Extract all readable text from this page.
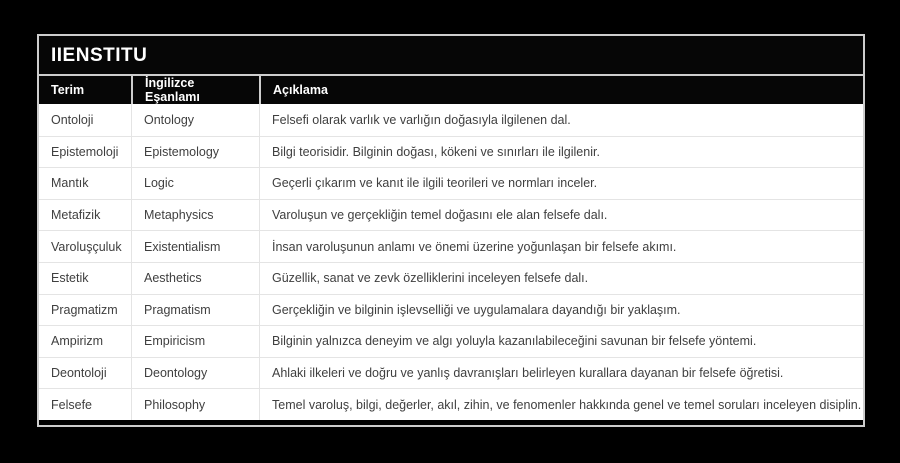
IIENSTITU
Terim	İngilizce Eşanlamı	Açıklama
Ontoloji	Ontology	Felsefi olarak varlık ve varlığın doğasıyla ilgilenen dal.
Epistemoloji	Epistemology	Bilgi teorisidir. Bilginin doğası, kökeni ve sınırları ile ilgilenir.
Mantık	Logic	Geçerli çıkarım ve kanıt ile ilgili teorileri ve normları inceler.
Metafizik	Metaphysics	Varoluşun ve gerçekliğin temel doğasını ele alan felsefe dalı.
Varoluşçuluk	Existentialism	İnsan varoluşunun anlamı ve önemi üzerine yoğunlaşan bir felsefe akımı.
Estetik	Aesthetics	Güzellik, sanat ve zevk özelliklerini inceleyen felsefe dalı.
Pragmatizm	Pragmatism	Gerçekliğin ve bilginin işlevselliği ve uygulamalara dayandığı bir yaklaşım.
Ampirizm	Empiricism	Bilginin yalnızca deneyim ve algı yoluyla kazanılabileceğini savunan bir felsefe yöntemi.
Deontoloji	Deontology	Ahlaki ilkeleri ve doğru ve yanlış davranışları belirleyen kurallara dayanan bir felsefe öğretisi.
Felsefe	Philosophy	Temel varoluş, bilgi, değerler, akıl, zihin, ve fenomenler hakkında genel ve temel soruları inceleyen disiplin.
